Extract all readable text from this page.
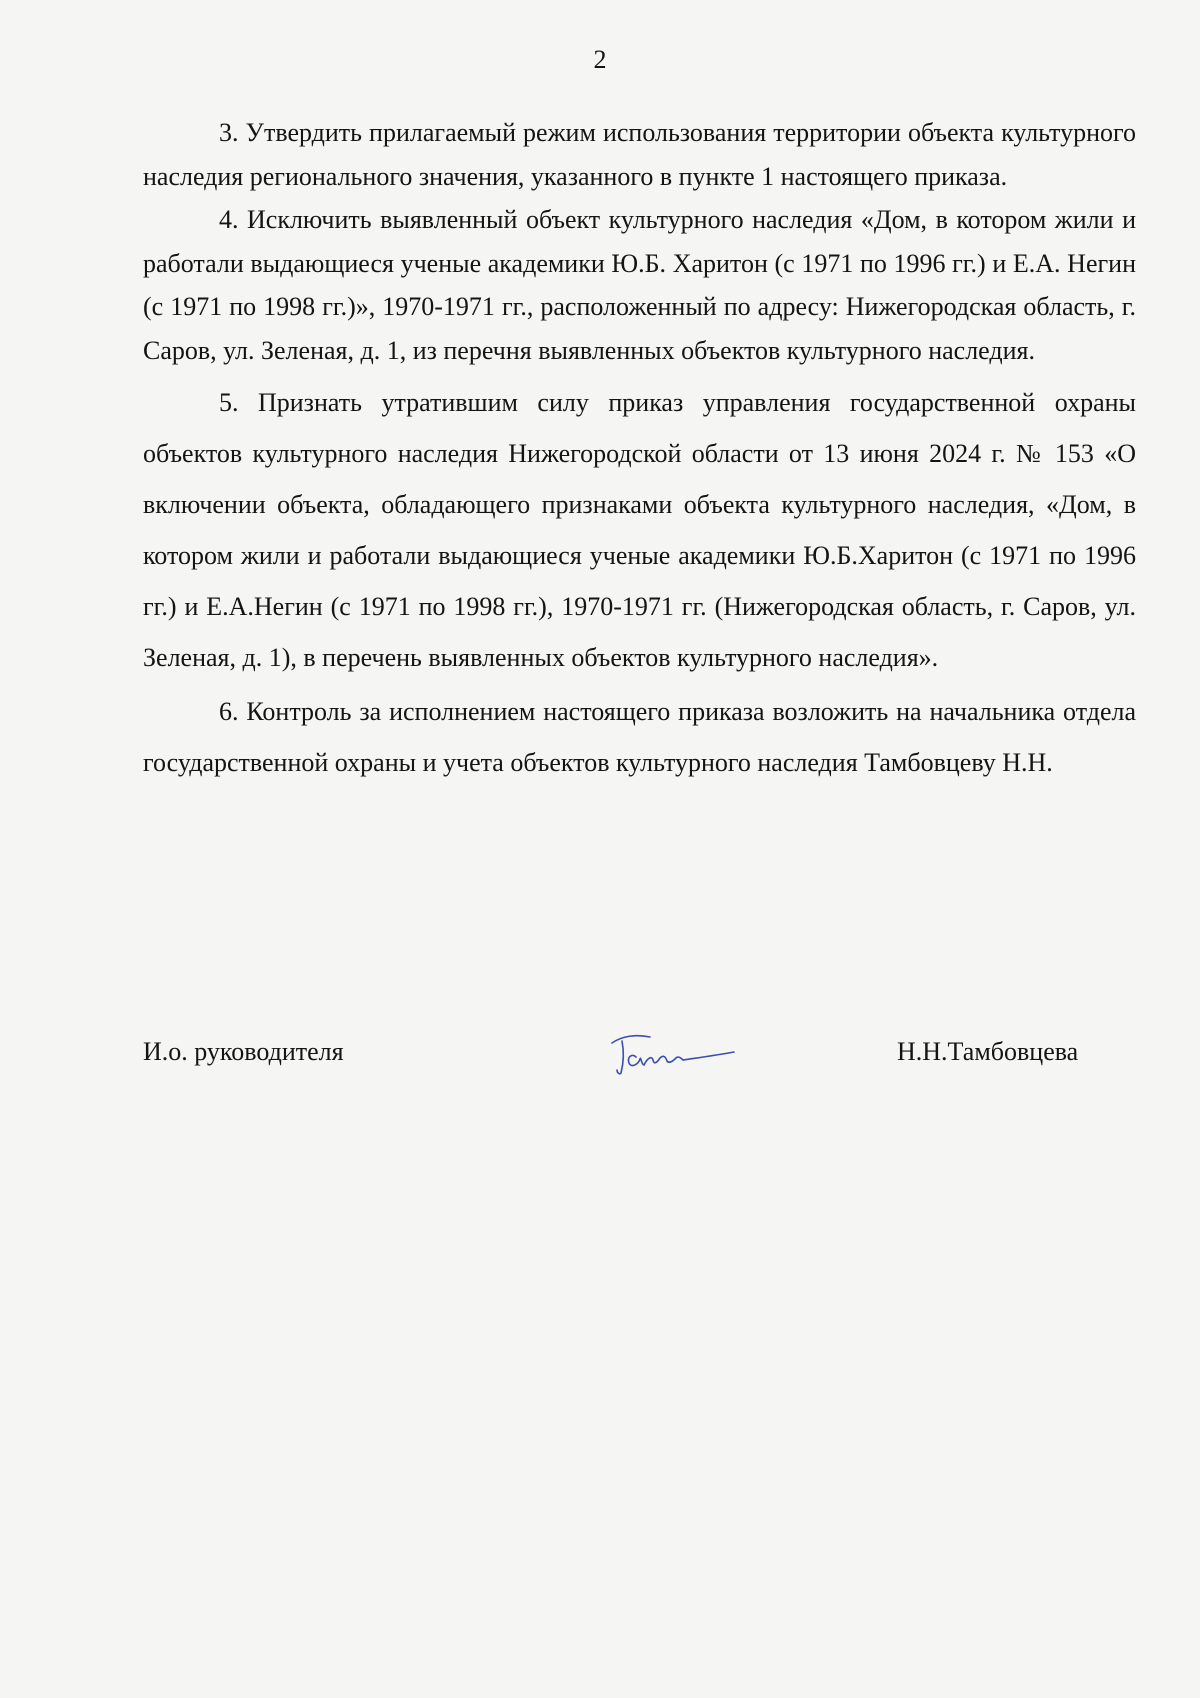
2

3. Утвердить прилагаемый режим использования территории объекта культурного наследия регионального значения, указанного в пункте 1 настоящего приказа.

4. Исключить выявленный объект культурного наследия «Дом, в котором жили и работали выдающиеся ученые академики Ю.Б. Харитон (с 1971 по 1996 гг.) и Е.А. Негин (с 1971 по 1998 гг.)», 1970-1971 гг., расположенный по адресу: Нижегородская область, г. Саров, ул. Зеленая, д. 1, из перечня выявленных объектов культурного наследия.

5. Признать утратившим силу приказ управления государственной охраны объектов культурного наследия Нижегородской области от 13 июня 2024 г. № 153 «О включении объекта, обладающего признаками объекта культурного наследия, «Дом, в котором жили и работали выдающиеся ученые академики Ю.Б.Харитон (с 1971 по 1996 гг.) и Е.А.Негин (с 1971 по 1998 гг.), 1970-1971 гг. (Нижегородская область, г. Саров, ул. Зеленая, д. 1), в перечень выявленных объектов культурного наследия».

6. Контроль за исполнением настоящего приказа возложить на начальника отдела государственной охраны и учета объектов культурного наследия Тамбовцеву Н.Н.

И.о. руководителя	Н.Н.Тамбовцева
